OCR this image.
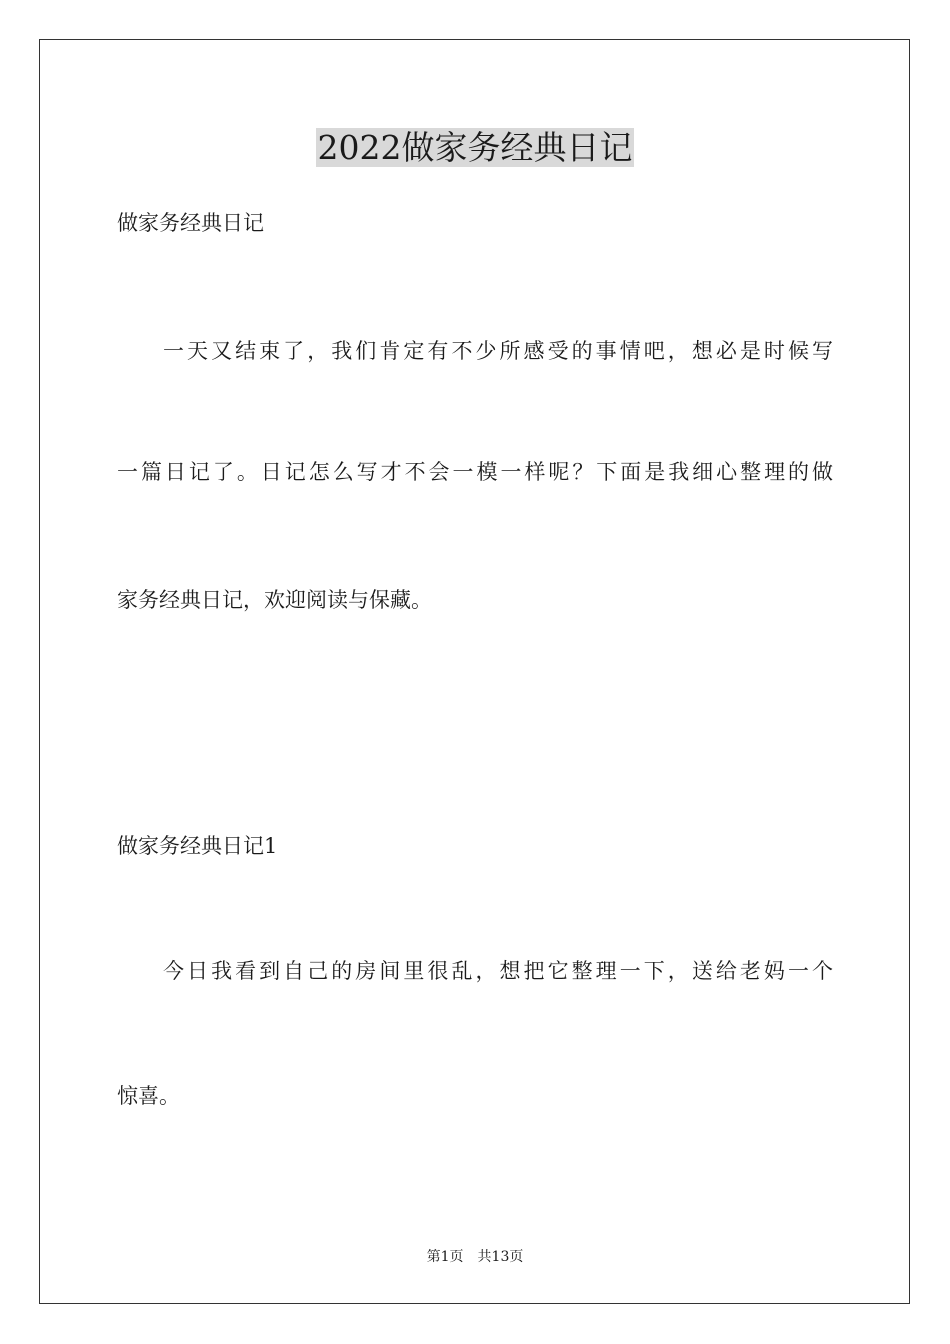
2022做家务经典日记
做家务经典日记
一天又结束了，我们肯定有不少所感受的事情吧，想必是时候写
一篇日记了。日记怎么写才不会一模一样呢？下面是我细心整理的做
家务经典日记，欢迎阅读与保藏。
做家务经典日记1
今日我看到自己的房间里很乱，想把它整理一下，送给老妈一个
惊喜。
第1页 共13页
